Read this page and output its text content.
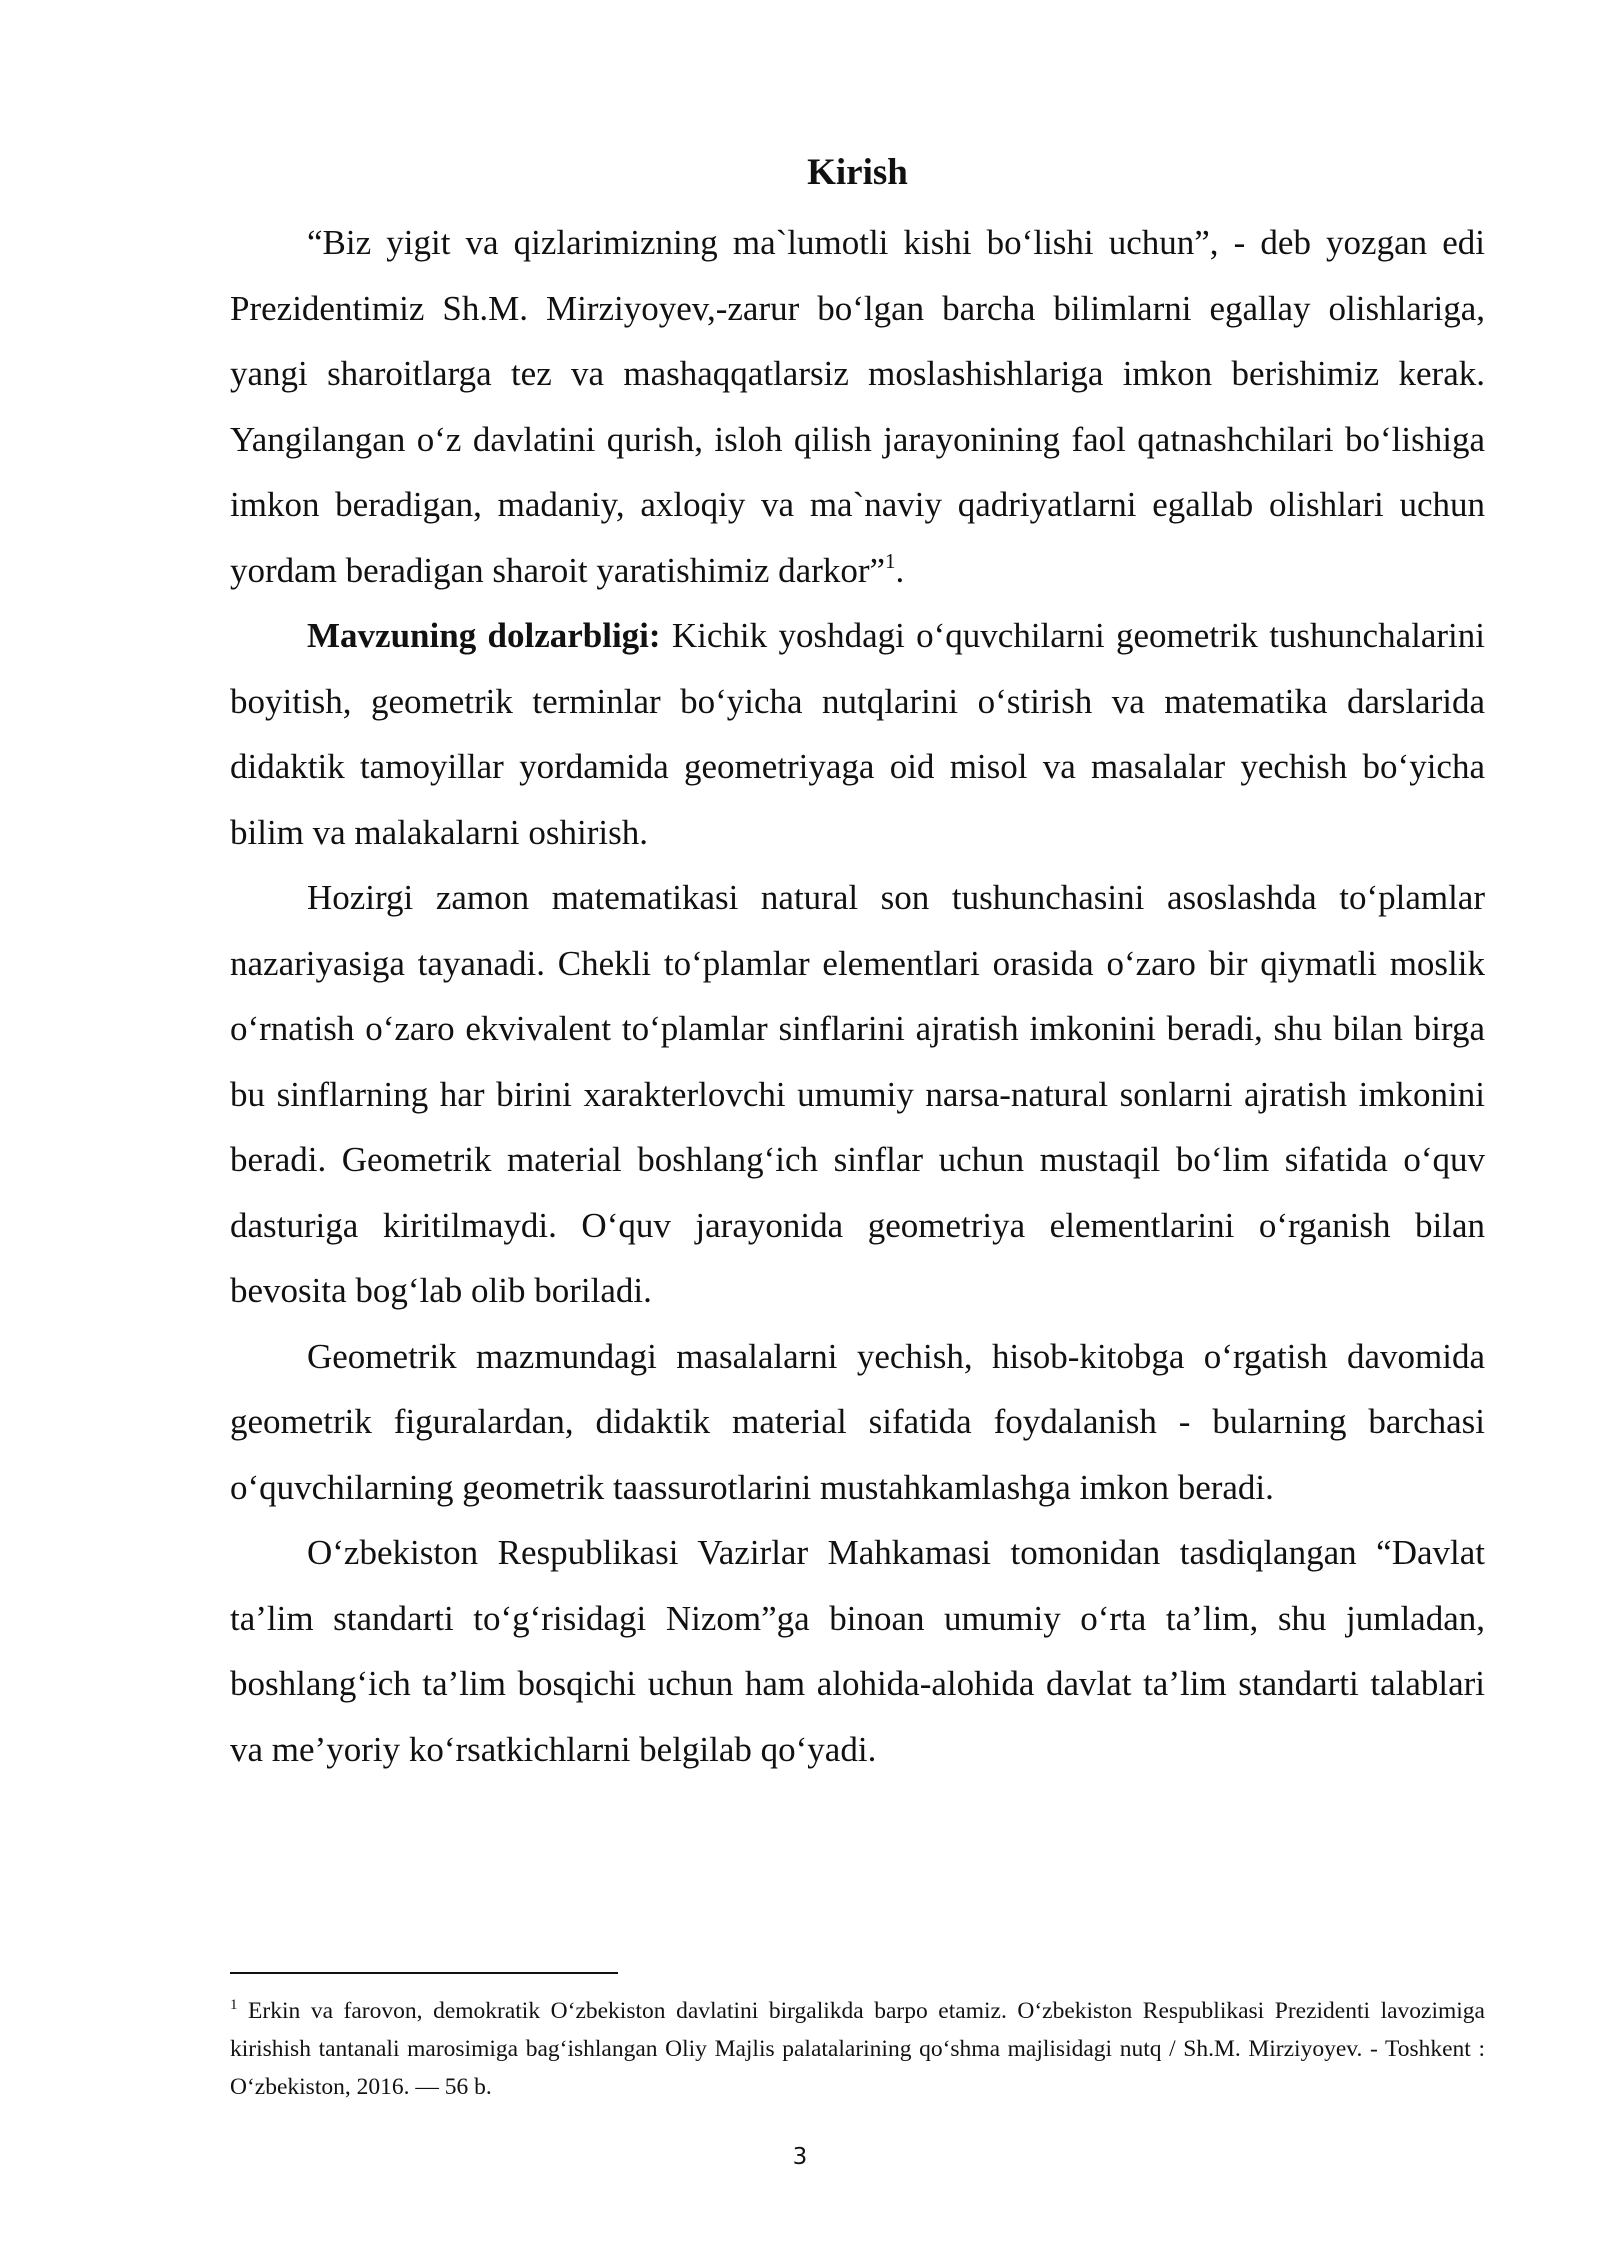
Kirish

“Biz yigit va qizlarimizning ma`lumotli kishi bo‘lishi uchun”, - deb yozgan edi Prezidentimiz Sh.M. Mirziyoyev,-zarur bo‘lgan barcha bilimlarni egallay olishlariga, yangi sharoitlarga tez va mashaqqatlarsiz moslashishlariga imkon berishimiz kerak. Yangilangan o‘z davlatini qurish, isloh qilish jarayonining faol qatnashchilari bo‘lishiga imkon beradigan, madaniy, axloqiy va ma`naviy qadriyatlarni egallab olishlari uchun yordam beradigan sharoit yaratishimiz darkor”$^1$.

Mavzuning dolzarbligi: Kichik yoshdagi o‘quvchilarni geometrik tushunchalarini boyitish, geometrik terminlar bo‘yicha nutqlarini o‘stirish va matematika darslarida didaktik tamoyillar yordamida geometriyaga oid misol va masalalar yechish bo‘yicha bilim va malakalarni oshirish.

Hozirgi zamon matematikasi natural son tushunchasini asoslashda to‘plamlar nazariyasiga tayanadi. Chekli to‘plamlar elementlari orasida o‘zaro bir qiymatli moslik o‘rnatish o‘zaro ekvivalent to‘plamlar sinflarini ajratish imkonini beradi, shu bilan birga bu sinflarning har birini xarakterlovchi umumiy narsa-natural sonlarni ajratish imkonini beradi. Geometrik material boshlang‘ich sinflar uchun mustaqil bo‘lim sifatida o‘quv dasturiga kiritilmaydi. O‘quv jarayonida geometriya elementlarini o‘rganish bilan bevosita bog‘lab olib boriladi.

Geometrik mazmundagi masalalarni yechish, hisob-kitobga o‘rgatish davomida geometrik figuralardan, didaktik material sifatida foydalanish - bularning barchasi o‘quvchilarning geometrik taassurotlarini mustahkamlashga imkon beradi.

O‘zbekiston Respublikasi Vazirlar Mahkamasi tomonidan tasdiqlangan “Davlat ta’lim standarti to‘g‘risidagi Nizom”ga binoan umumiy o‘rta ta’lim, shu jumladan, boshlang‘ich ta’lim bosqichi uchun ham alohida-alohida davlat ta’lim standarti talablari va me’yoriy ko‘rsatkichlarni belgilab qo‘yadi.

$^1$ Erkin va farovon, demokratik O‘zbekiston davlatini birgalikda barpo etamiz. O‘zbekiston Respublikasi Prezidenti lavozimiga kirishish tantanali marosimiga bag‘ishlangan Oliy Majlis palatalarining qo‘shma majlisidagi nutq / Sh.M. Mirziyoyev. - Toshkent : O‘zbekiston, 2016. — 56 b.

3
